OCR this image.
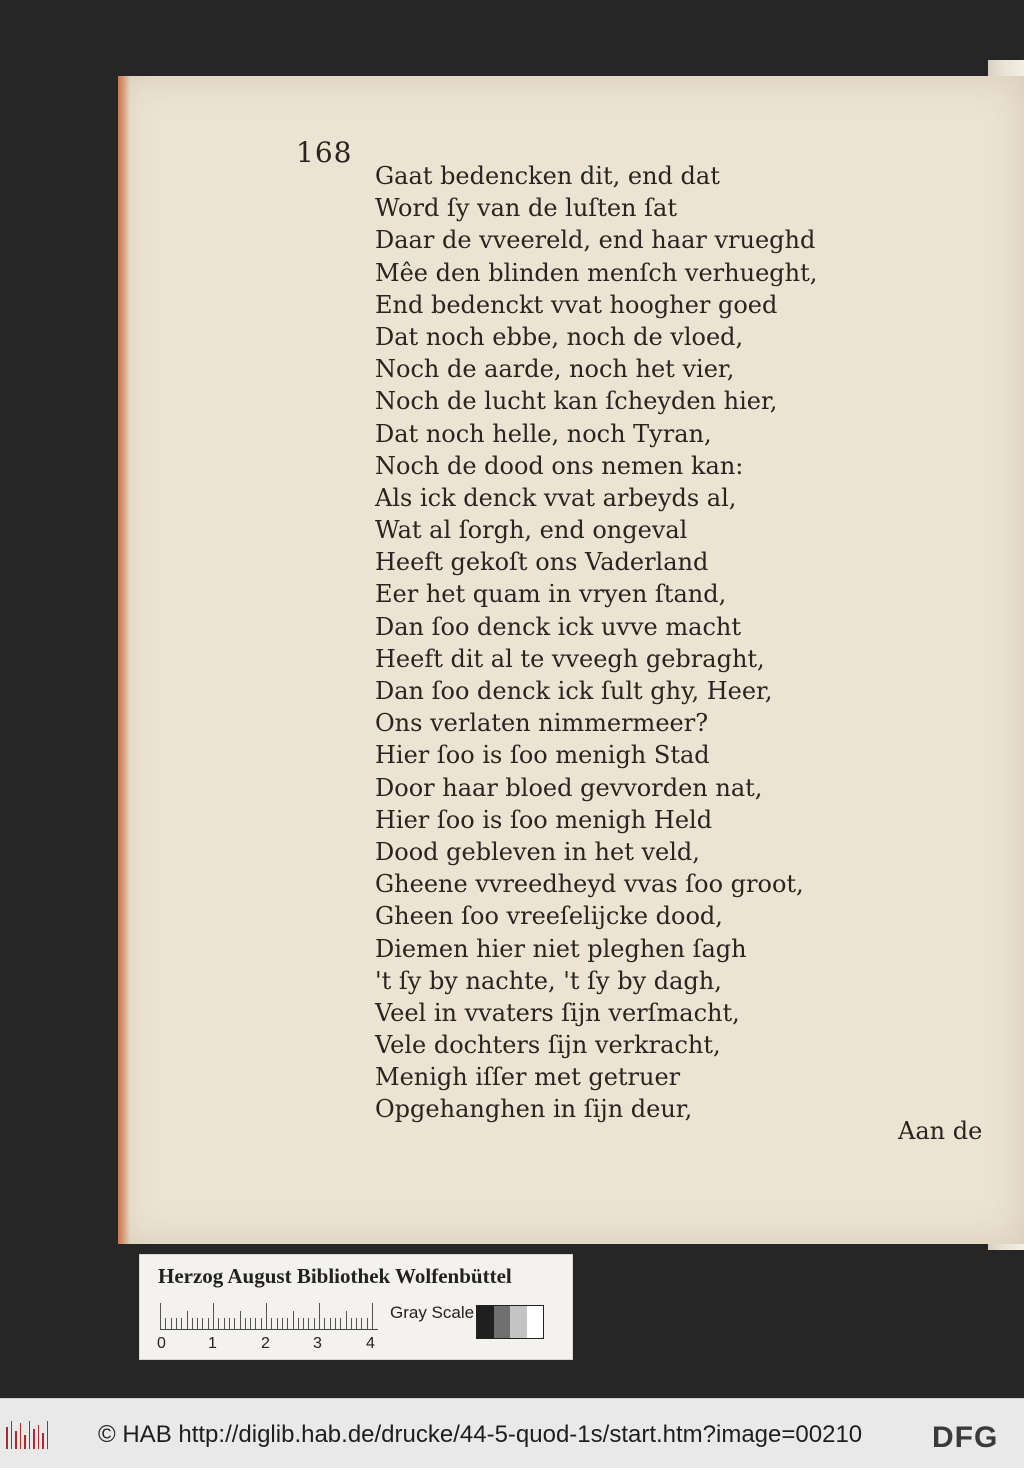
168
Gaat bedencken dit, end dat
Word ſy van de luſten ſat
Daar de vveereld, end haar vrueghd
Mêe den blinden menſch verhueght,
End bedenckt vvat hoogher goed
Dat noch ebbe, noch de vloed,
Noch de aarde, noch het vier,
Noch de lucht kan ſcheyden hier,
Dat noch helle, noch Tyran,
Noch de dood ons nemen kan:
Als ick denck vvat arbeyds al,
Wat al ſorgh, end ongeval
Heeft gekoſt ons Vaderland
Eer het quam in vryen ſtand,
Dan ſoo denck ick uvve macht
Heeft dit al te vveegh gebraght,
Dan ſoo denck ick ſult ghy, Heer,
Ons verlaten nimmermeer?
Hier ſoo is ſoo menigh Stad
Door haar bloed gevvorden nat,
Hier ſoo is ſoo menigh Held
Dood gebleven in het veld,
Gheene vvreedheyd vvas ſoo groot,
Gheen ſoo vreeſelijcke dood,
Diemen hier niet pleghen ſagh
't ſy by nachte, 't ſy by dagh,
Veel in vvaters ſijn verſmacht,
Vele dochters ſijn verkracht,
Menigh iſſer met getruer
Opgehanghen in ſijn deur,
Aan de
Herzog August Bibliothek Wolfenbüttel
0	1	2	3	4
Gray Scale
© HAB http://diglib.hab.de/drucke/44-5-quod-1s/start.htm?image=00210 DFG
